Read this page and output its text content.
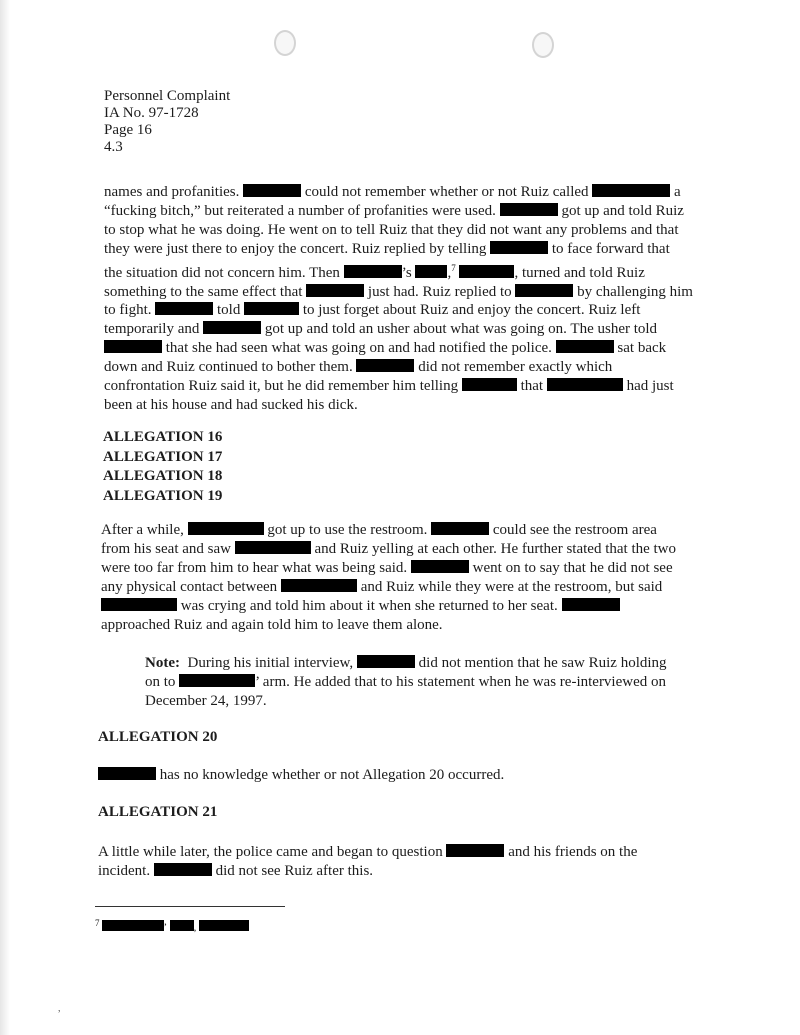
Personnel Complaint
IA No. 97-1728
Page 16
4.3
names and profanities.	could not remember whether or not Ruiz called	a
“fucking bitch,” but reiterated a number of profanities were used.	got up and told Ruiz
to stop what he was doing. He went on to tell Ruiz that they did not want any problems and that
they were just there to enjoy the concert. Ruiz replied by telling	to face forward that
the situation did not concern him. Then	’s ,$^7$	, turned and told Ruiz
something to the same effect that	just had. Ruiz replied to	by challenging him
to fight.	told	to just forget about Ruiz and enjoy the concert. Ruiz left
temporarily and	got up and told an usher about what was going on. The usher told
that she had seen what was going on and had notified the police.	sat back
down and Ruiz continued to bother them.	did not remember exactly which
confrontation Ruiz said it, but he did remember him telling	that	had just
been at his house and had sucked his dick.
ALLEGATION 16
ALLEGATION 17
ALLEGATION 18
ALLEGATION 19
After a while,	got up to use the restroom.	could see the restroom area
from his seat and saw	and Ruiz yelling at each other. He further stated that the two
were too far from him to hear what was being said.	went on to say that he did not see
any physical contact between	and Ruiz while they were at the restroom, but said
was crying and told him about it when she returned to her seat.
approached Ruiz and again told him to leave them alone.
Note: During his initial interview,	did not mention that he saw Ruiz holding
on to	’ arm. He added that to his statement when he was re-interviewed on
December 24, 1997.
ALLEGATION 20
has no knowledge whether or not Allegation 20 occurred.
ALLEGATION 21
A little while later, the police came and began to question	and his friends on the
incident.	did not see Ruiz after this.
7	’ ,
,
